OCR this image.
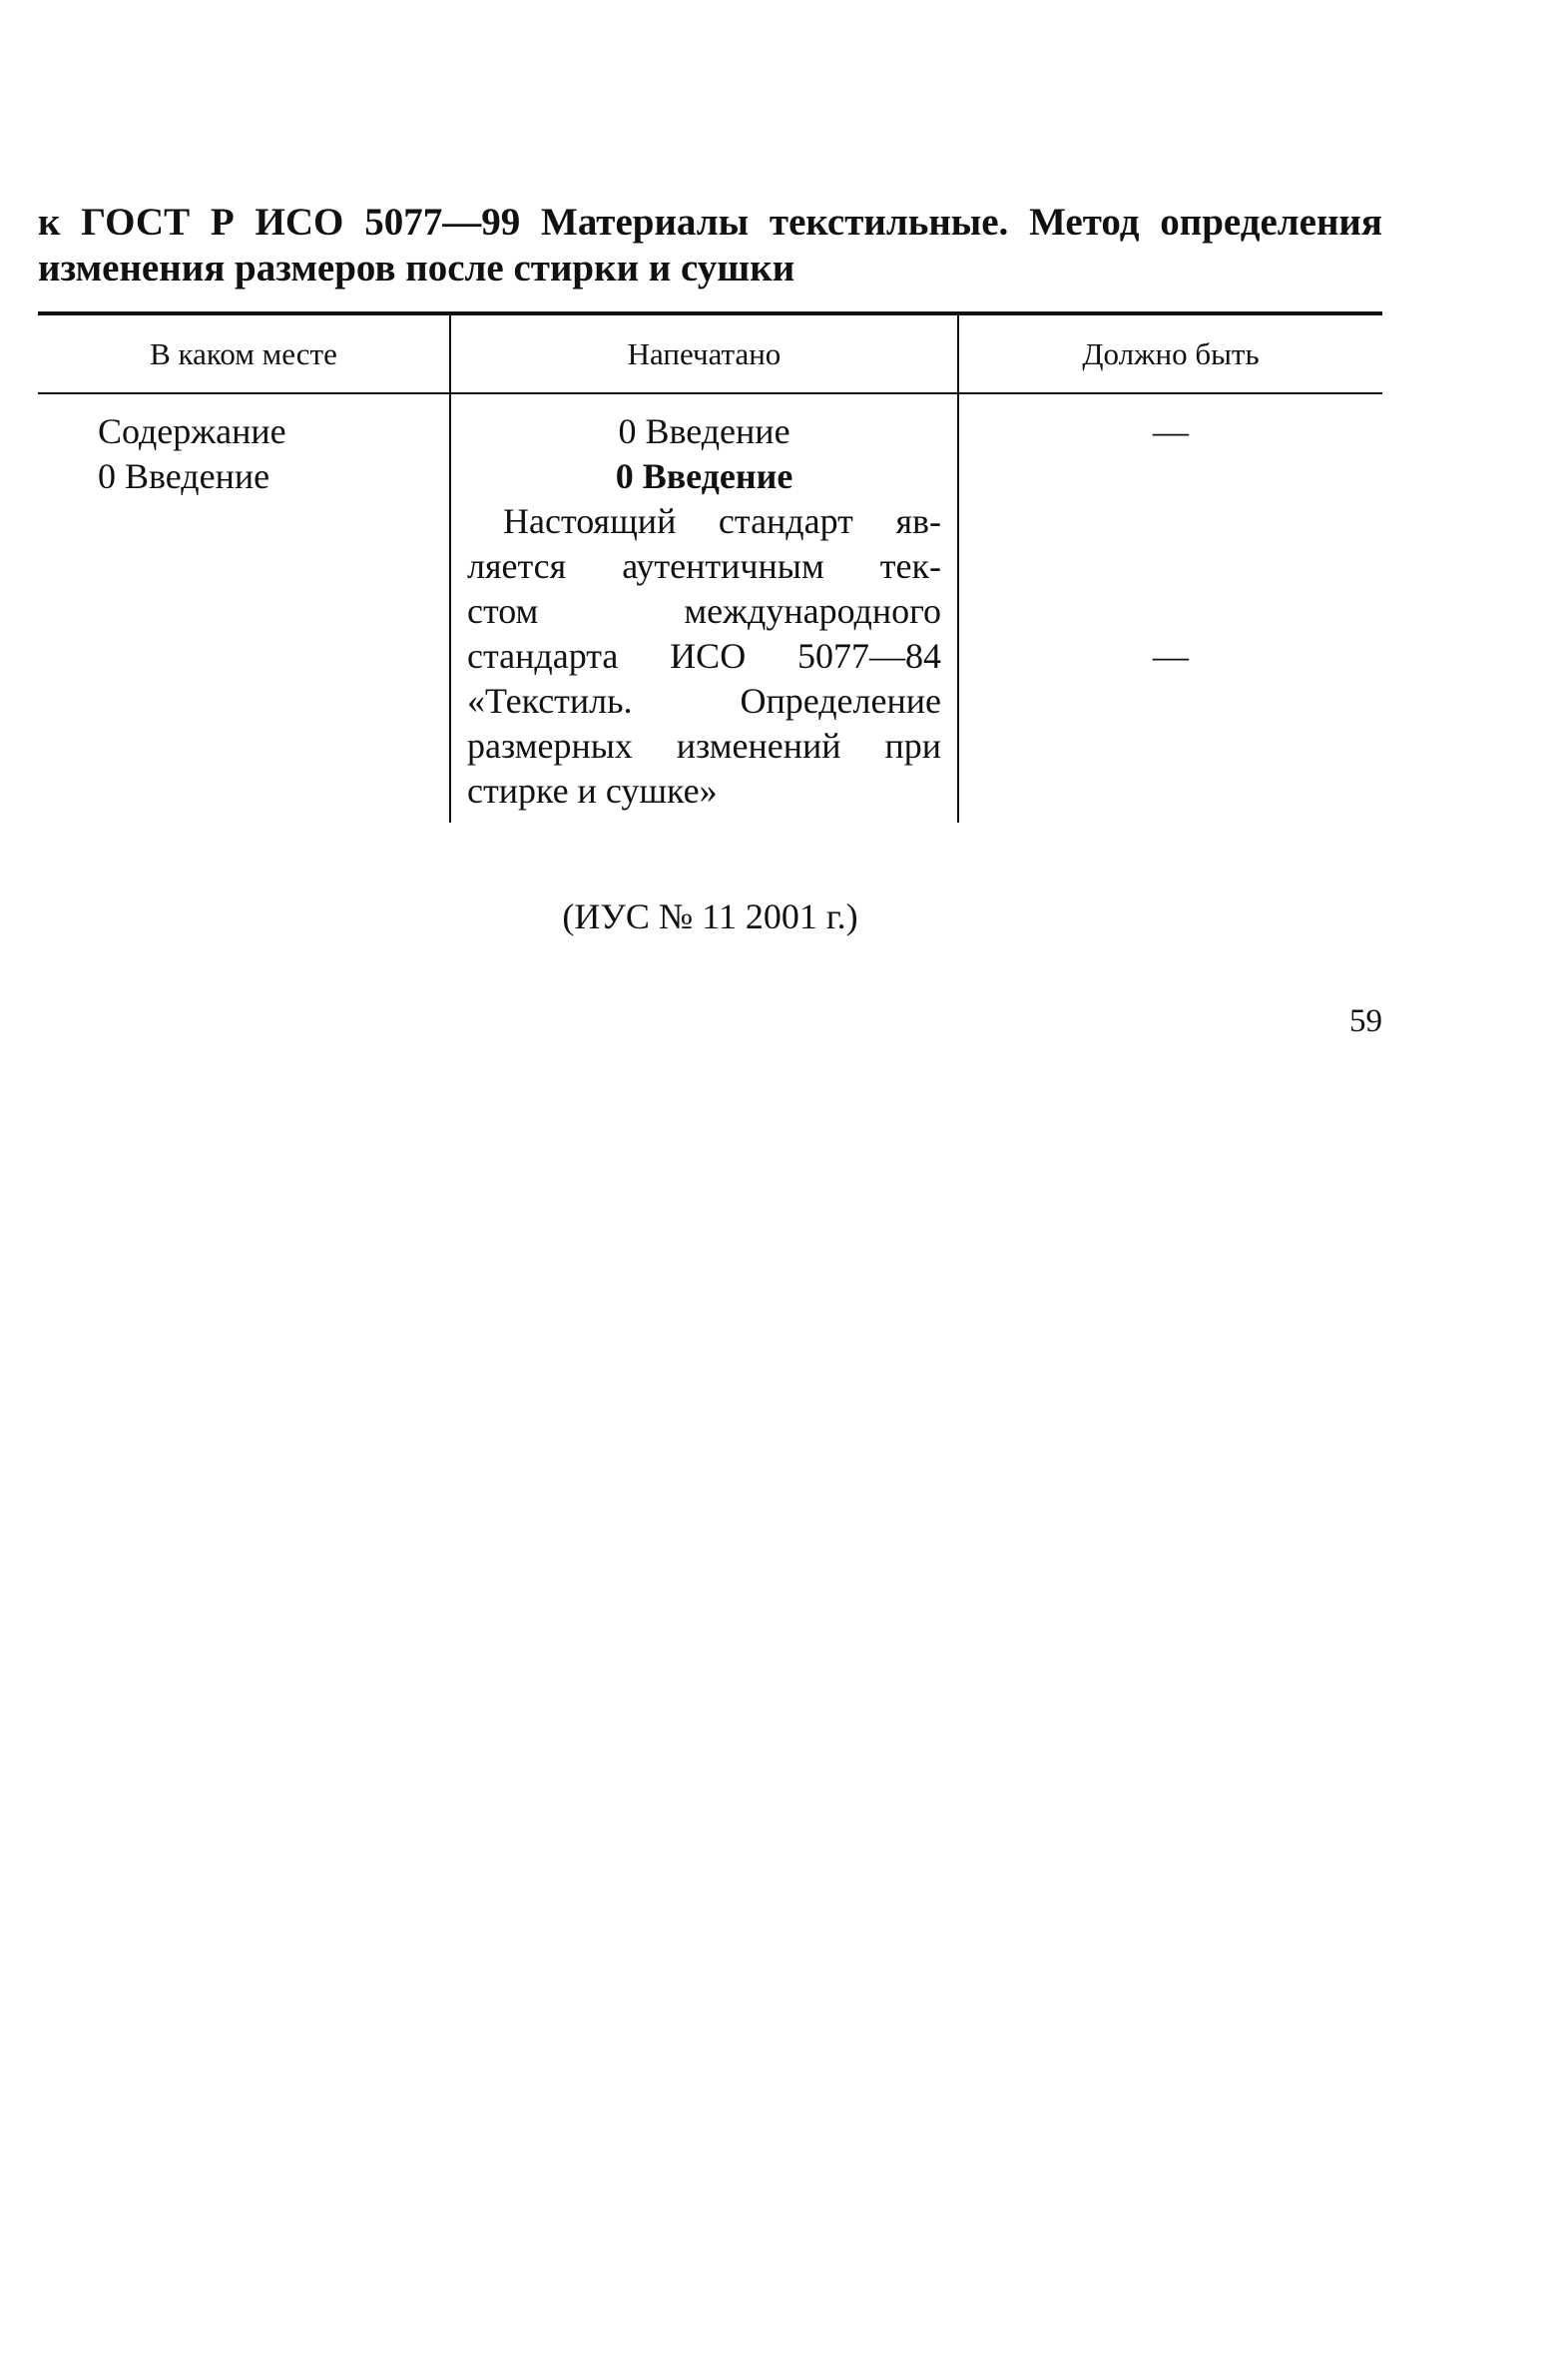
к ГОСТ Р ИСО 5077—99 Материалы текстильные. Метод определения
изменения размеров после стирки и сушки
В каком месте	Напечатано	Должно быть
Содержание
0 Введение
0 Введение
0 Введение
Настоящий стандарт яв-
ляется аутентичным тек-
стом международного
стандарта ИСО 5077—84
«Текстиль. Определение
размерных изменений при
стирке и сушке»
—
—
(ИУС № 11 2001 г.)
59
